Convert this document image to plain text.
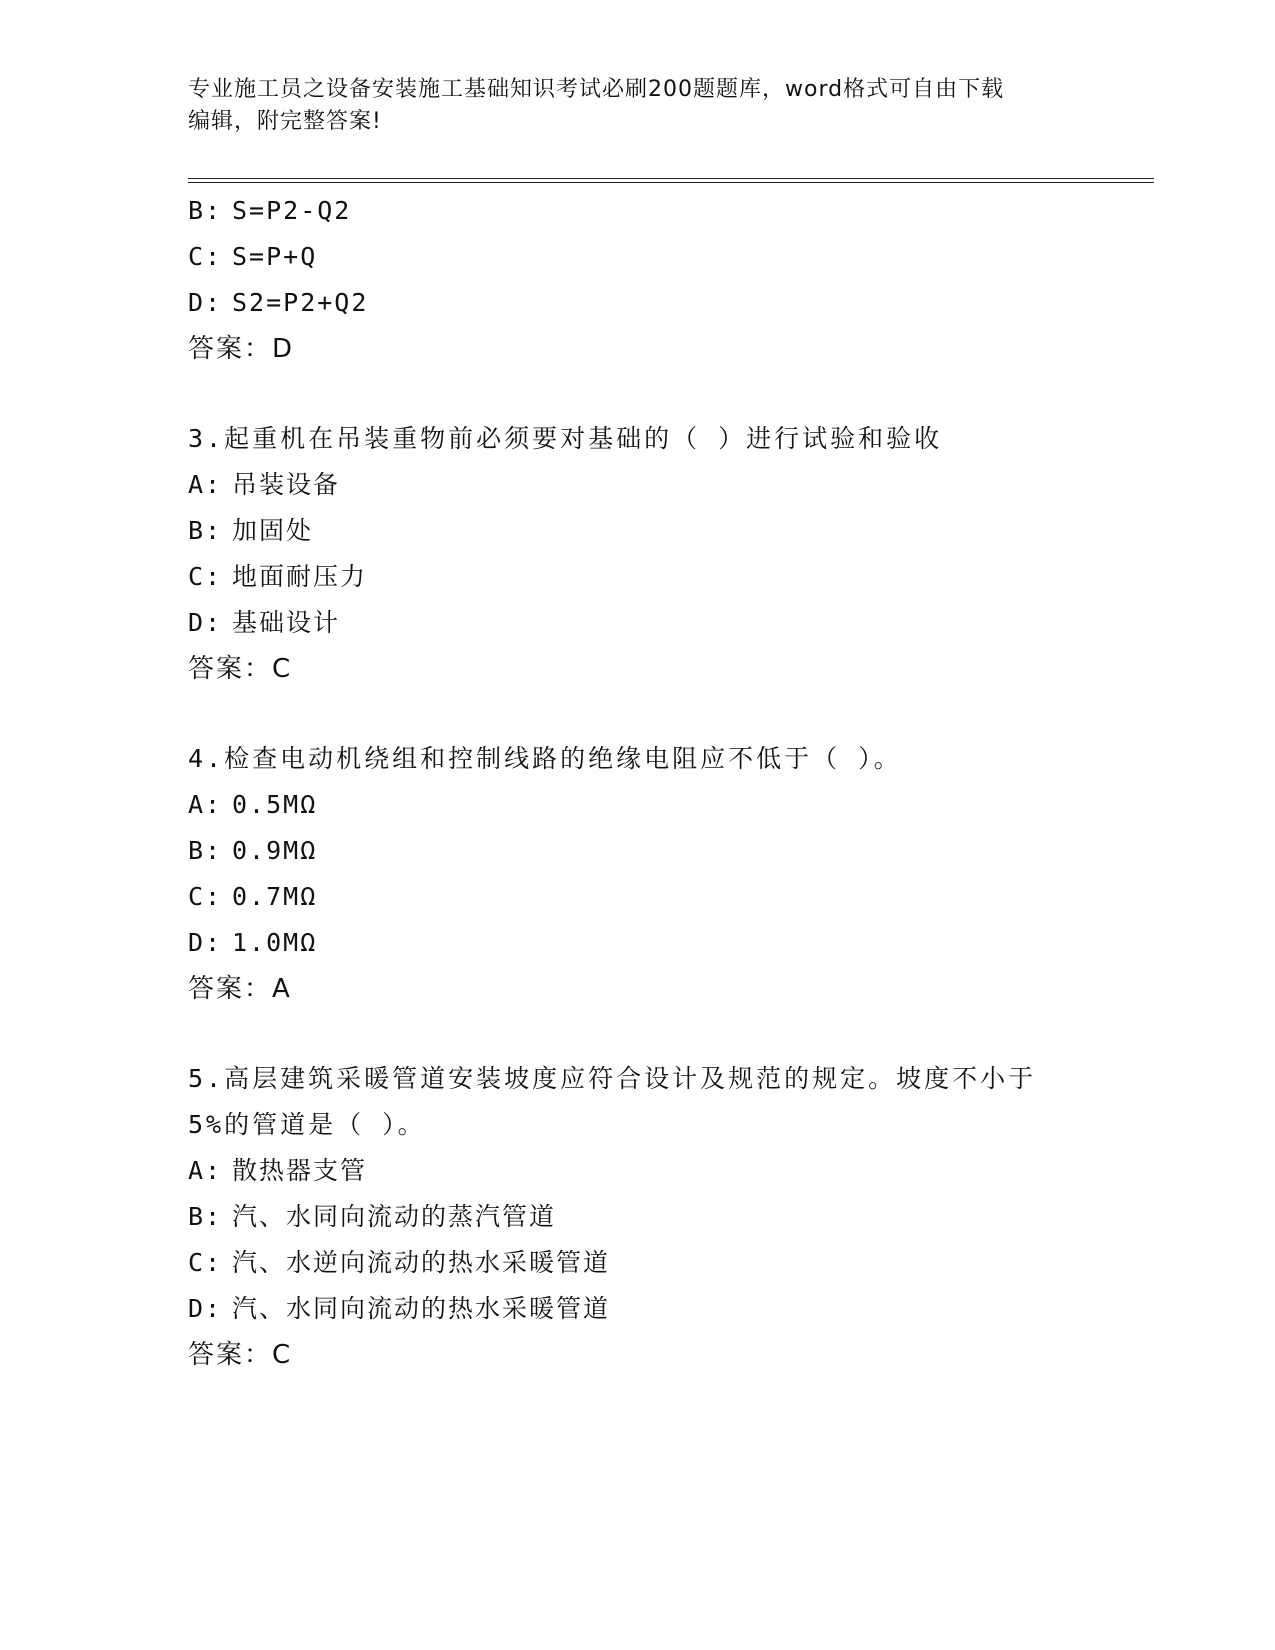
专业施工员之设备安装施工基础知识考试必刷200题题库，word格式可自由下载
编辑，附完整答案!
B: S=P2-Q2
C: S=P+Q
D: S2=P2+Q2
答案：D
3.起重机在吊装重物前必须要对基础的（ ）进行试验和验收
A: 吊装设备
B: 加固处
C: 地面耐压力
D: 基础设计
答案：C
4.检查电动机绕组和控制线路的绝缘电阻应不低于（ ）。
A: 0.5MΩ
B: 0.9MΩ
C: 0.7MΩ
D: 1.0MΩ
答案：A
5.高层建筑采暖管道安装坡度应符合设计及规范的规定。坡度不小于
5%的管道是（ ）。
A: 散热器支管
B: 汽、水同向流动的蒸汽管道
C: 汽、水逆向流动的热水采暖管道
D: 汽、水同向流动的热水采暖管道
答案：C
